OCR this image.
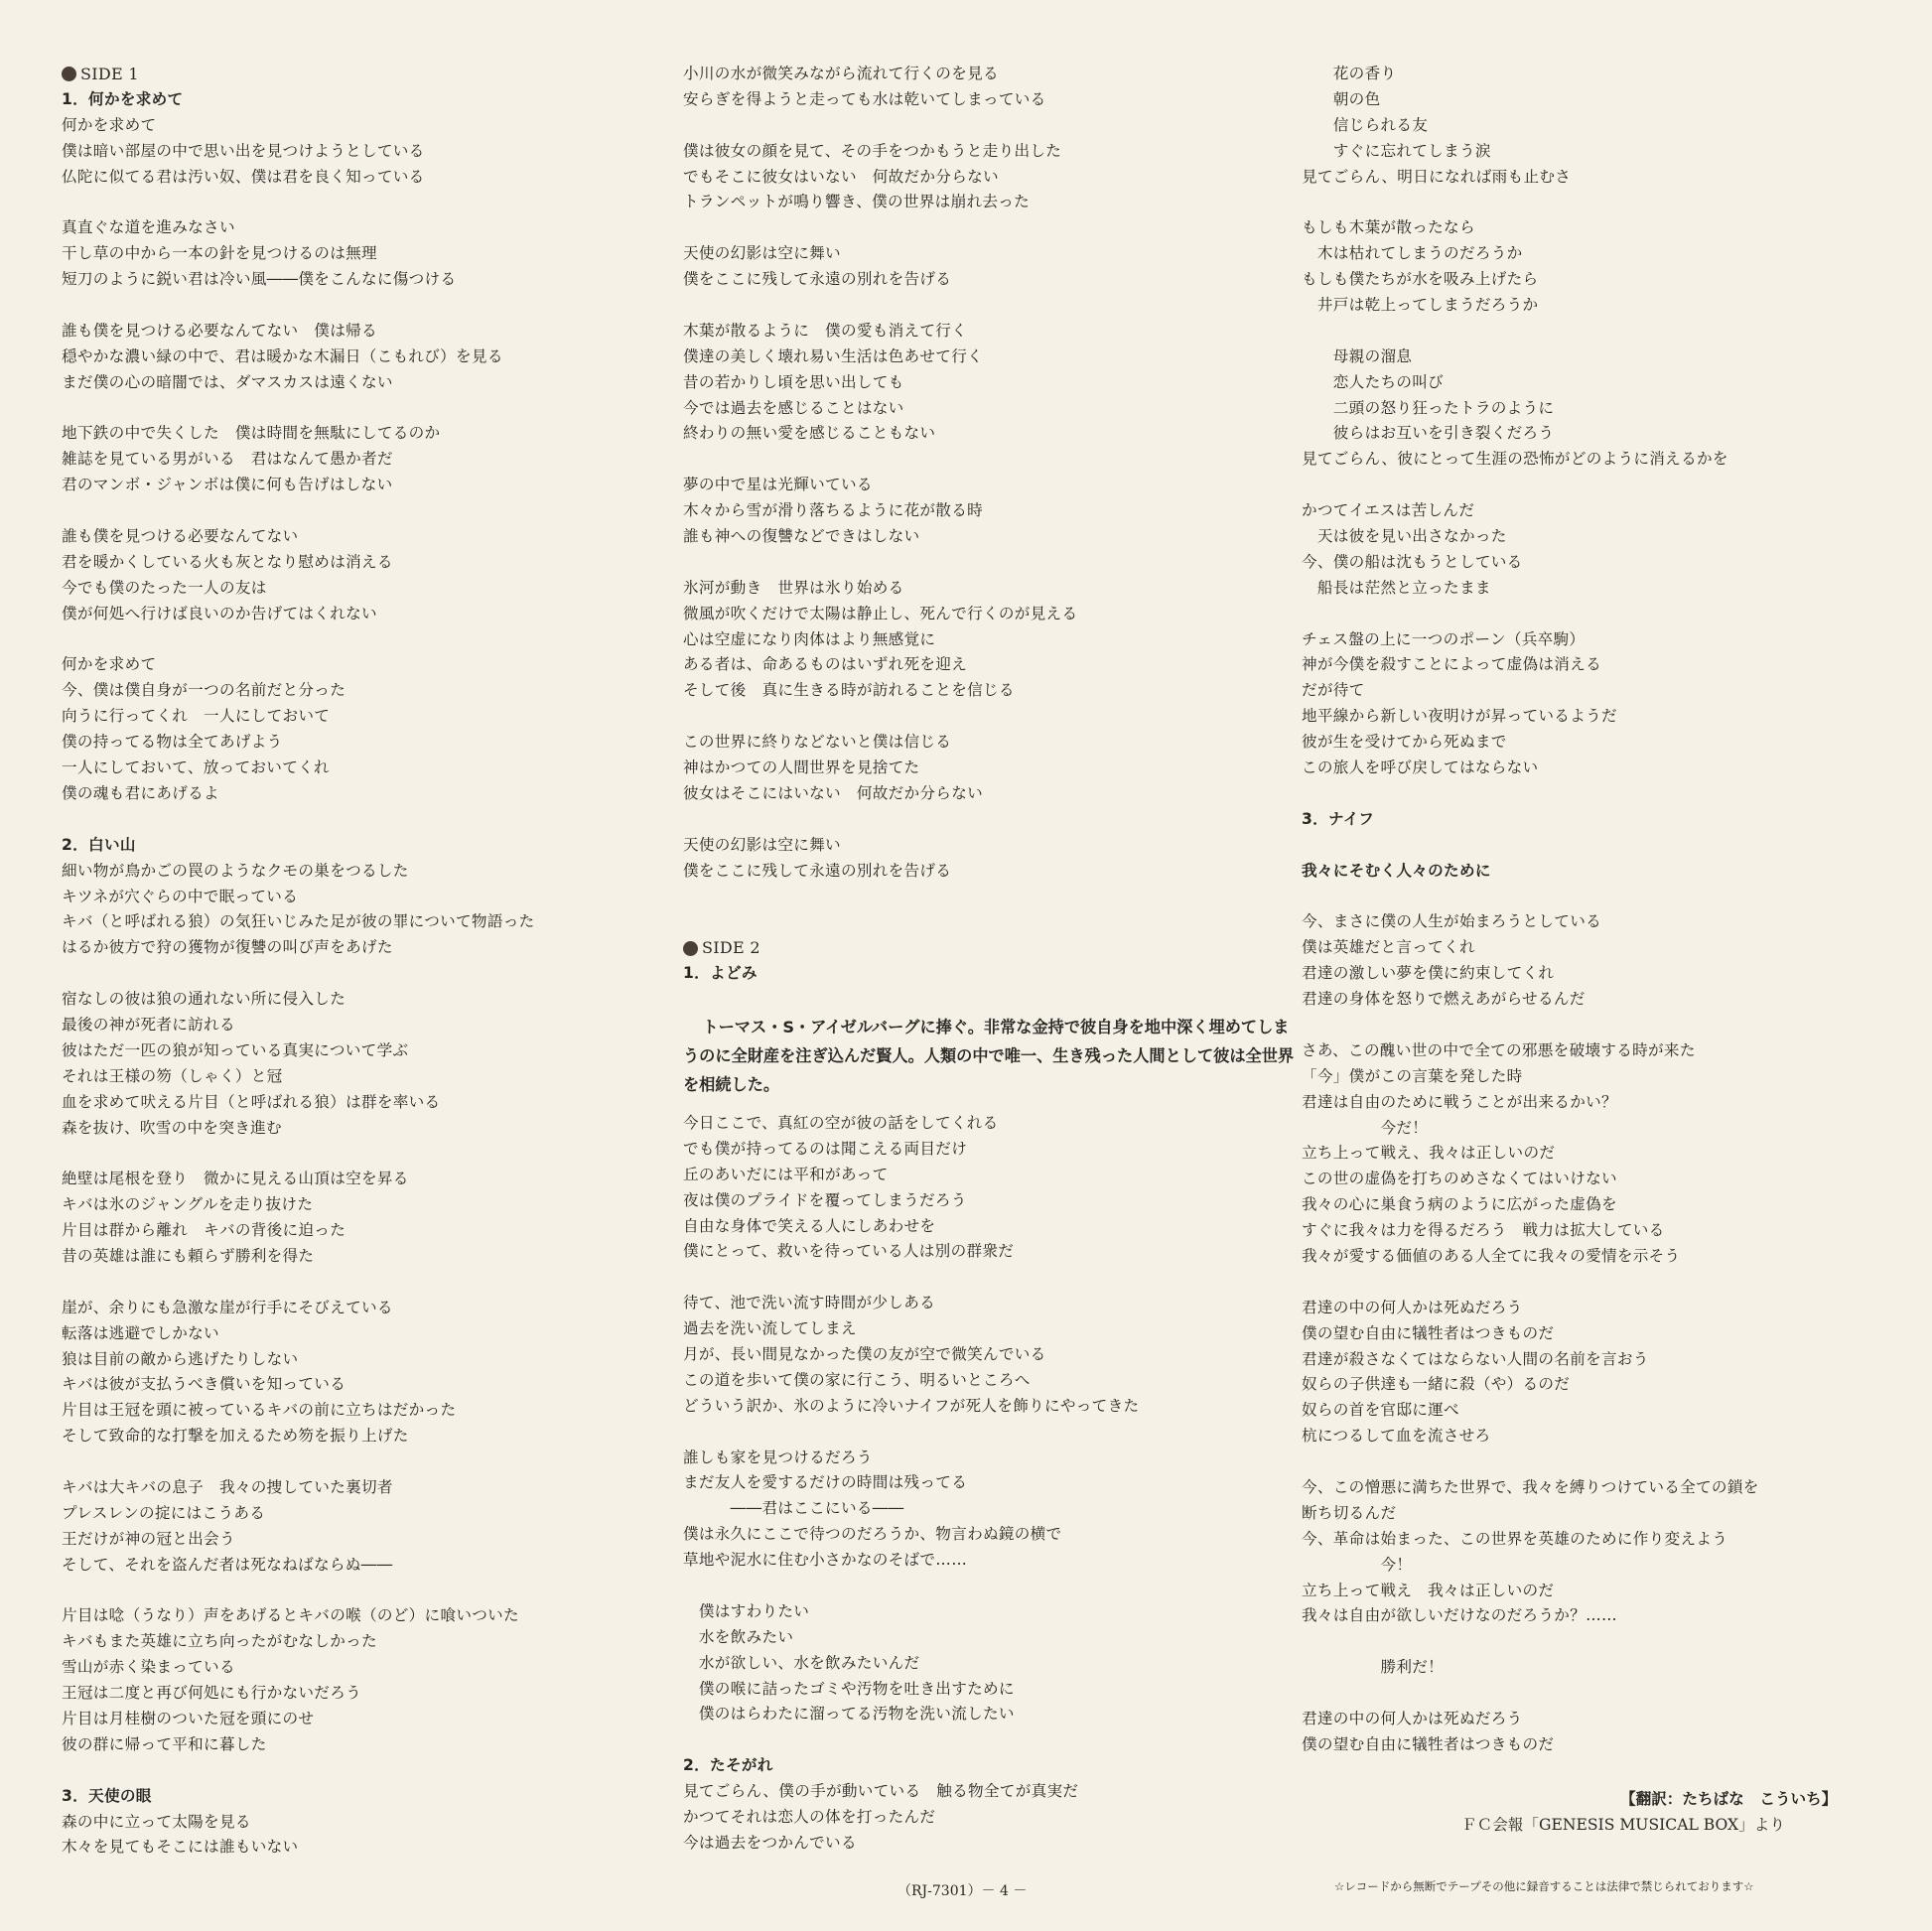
SIDE 1
1．何かを求めて
何かを求めて
僕は暗い部屋の中で思い出を見つけようとしている
仏陀に似てる君は汚い奴、僕は君を良く知っている
真直ぐな道を進みなさい
干し草の中から一本の針を見つけるのは無理
短刀のように鋭い君は冷い風――僕をこんなに傷つける
誰も僕を見つける必要なんてない　僕は帰る
穏やかな濃い緑の中で、君は暖かな木漏日（こもれび）を見る
まだ僕の心の暗闇では、ダマスカスは遠くない
地下鉄の中で失くした　僕は時間を無駄にしてるのか
雑誌を見ている男がいる　君はなんて愚か者だ
君のマンボ・ジャンボは僕に何も告げはしない
誰も僕を見つける必要なんてない
君を暖かくしている火も灰となり慰めは消える
今でも僕のたった一人の友は
僕が何処へ行けば良いのか告げてはくれない
何かを求めて
今、僕は僕自身が一つの名前だと分った
向うに行ってくれ　一人にしておいて
僕の持ってる物は全てあげよう
一人にしておいて、放っておいてくれ
僕の魂も君にあげるよ
2．白い山
細い物が鳥かごの罠のようなクモの巣をつるした
キツネが穴ぐらの中で眠っている
キバ（と呼ばれる狼）の気狂いじみた足が彼の罪について物語った
はるか彼方で狩の獲物が復讐の叫び声をあげた
宿なしの彼は狼の通れない所に侵入した
最後の神が死者に訪れる
彼はただ一匹の狼が知っている真実について学ぶ
それは王様の笏（しゃく）と冠
血を求めて吠える片目（と呼ばれる狼）は群を率いる
森を抜け、吹雪の中を突き進む
絶壁は尾根を登り　微かに見える山頂は空を昇る
キバは氷のジャングルを走り抜けた
片目は群から離れ　キバの背後に迫った
昔の英雄は誰にも頼らず勝利を得た
崖が、余りにも急激な崖が行手にそびえている
転落は逃避でしかない
狼は目前の敵から逃げたりしない
キバは彼が支払うべき償いを知っている
片目は王冠を頭に被っているキバの前に立ちはだかった
そして致命的な打撃を加えるため笏を振り上げた
キバは大キバの息子　我々の捜していた裏切者
プレスレンの掟にはこうある
王だけが神の冠と出会う
そして、それを盗んだ者は死なねばならぬ――
片目は唸（うなり）声をあげるとキバの喉（のど）に喰いついた
キバもまた英雄に立ち向ったがむなしかった
雪山が赤く染まっている
王冠は二度と再び何処にも行かないだろう
片目は月桂樹のついた冠を頭にのせ
彼の群に帰って平和に暮した
3．天使の眼
森の中に立って太陽を見る
木々を見てもそこには誰もいない
小川の水が微笑みながら流れて行くのを見る
安らぎを得ようと走っても水は乾いてしまっている
僕は彼女の顔を見て、その手をつかもうと走り出した
でもそこに彼女はいない　何故だか分らない
トランペットが鳴り響き、僕の世界は崩れ去った
天使の幻影は空に舞い
僕をここに残して永遠の別れを告げる
木葉が散るように　僕の愛も消えて行く
僕達の美しく壊れ易い生活は色あせて行く
昔の若かりし頃を思い出しても
今では過去を感じることはない
終わりの無い愛を感じることもない
夢の中で星は光輝いている
木々から雪が滑り落ちるように花が散る時
誰も神への復讐などできはしない
氷河が動き　世界は氷り始める
微風が吹くだけで太陽は静止し、死んで行くのが見える
心は空虚になり肉体はより無感覚に
ある者は、命あるものはいずれ死を迎え
そして後　真に生きる時が訪れることを信じる
この世界に終りなどないと僕は信じる
神はかつての人間世界を見捨てた
彼女はそこにはいない　何故だか分らない
天使の幻影は空に舞い
僕をここに残して永遠の別れを告げる
SIDE 2
1．よどみ
トーマス・S・アイゼルバーグに捧ぐ。非常な金持で彼自身を地中深く埋めてしまうのに全財産を注ぎ込んだ賢人。人類の中で唯一、生き残った人間として彼は全世界を相続した。
今日ここで、真紅の空が彼の話をしてくれる
でも僕が持ってるのは聞こえる両目だけ
丘のあいだには平和があって
夜は僕のプライドを覆ってしまうだろう
自由な身体で笑える人にしあわせを
僕にとって、救いを待っている人は別の群衆だ
待て、池で洗い流す時間が少しある
過去を洗い流してしまえ
月が、長い間見なかった僕の友が空で微笑んでいる
この道を歩いて僕の家に行こう、明るいところへ
どういう訳か、氷のように冷いナイフが死人を飾りにやってきた
誰しも家を見つけるだろう
まだ友人を愛するだけの時間は残ってる
　　　――君はここにいる――
僕は永久にここで待つのだろうか、物言わぬ鏡の横で
草地や泥水に住む小さかなのそばで……
　僕はすわりたい
　水を飲みたい
　水が欲しい、水を飲みたいんだ
　僕の喉に詰ったゴミや汚物を吐き出すために
　僕のはらわたに溜ってる汚物を洗い流したい
2．たそがれ
見てごらん、僕の手が動いている　触る物全てが真実だ
かつてそれは恋人の体を打ったんだ
今は過去をつかんでいる
　　花の香り
　　朝の色
　　信じられる友
　　すぐに忘れてしまう涙
見てごらん、明日になれば雨も止むさ
もしも木葉が散ったなら
　木は枯れてしまうのだろうか
もしも僕たちが水を吸み上げたら
　井戸は乾上ってしまうだろうか
　　母親の溜息
　　恋人たちの叫び
　　二頭の怒り狂ったトラのように
　　彼らはお互いを引き裂くだろう
見てごらん、彼にとって生涯の恐怖がどのように消えるかを
かつてイエスは苦しんだ
　天は彼を見い出さなかった
今、僕の船は沈もうとしている
　船長は茫然と立ったまま
チェス盤の上に一つのポーン（兵卒駒）
神が今僕を殺すことによって虚偽は消える
だが待て
地平線から新しい夜明けが昇っているようだ
彼が生を受けてから死ぬまで
この旅人を呼び戻してはならない
3．ナイフ
我々にそむく人々のために
今、まさに僕の人生が始まろうとしている
僕は英雄だと言ってくれ
君達の激しい夢を僕に約束してくれ
君達の身体を怒りで燃えあがらせるんだ
さあ、この醜い世の中で全ての邪悪を破壊する時が来た
「今」僕がこの言葉を発した時
君達は自由のために戦うことが出来るかい？
　　　　　今だ！
立ち上って戦え、我々は正しいのだ
この世の虚偽を打ちのめさなくてはいけない
我々の心に巣食う病のように広がった虚偽を
すぐに我々は力を得るだろう　戦力は拡大している
我々が愛する価値のある人全てに我々の愛情を示そう
君達の中の何人かは死ぬだろう
僕の望む自由に犠牲者はつきものだ
君達が殺さなくてはならない人間の名前を言おう
奴らの子供達も一緒に殺（や）るのだ
奴らの首を官邸に運べ
杭につるして血を流させろ
今、この憎悪に満ちた世界で、我々を縛りつけている全ての鎖を
断ち切るんだ
今、革命は始まった、この世界を英雄のために作り変えよう
　　　　　今！
立ち上って戦え　我々は正しいのだ
我々は自由が欲しいだけなのだろうか？……
　　　　　勝利だ！
君達の中の何人かは死ぬだろう
僕の望む自由に犠牲者はつきものだ
【翻訳：たちばな　こういち】
ＦＣ会報「GENESIS MUSICAL BOX」より
（RJ-7301）－ 4 －	☆レコードから無断でテープその他に録音することは法律で禁じられております☆
